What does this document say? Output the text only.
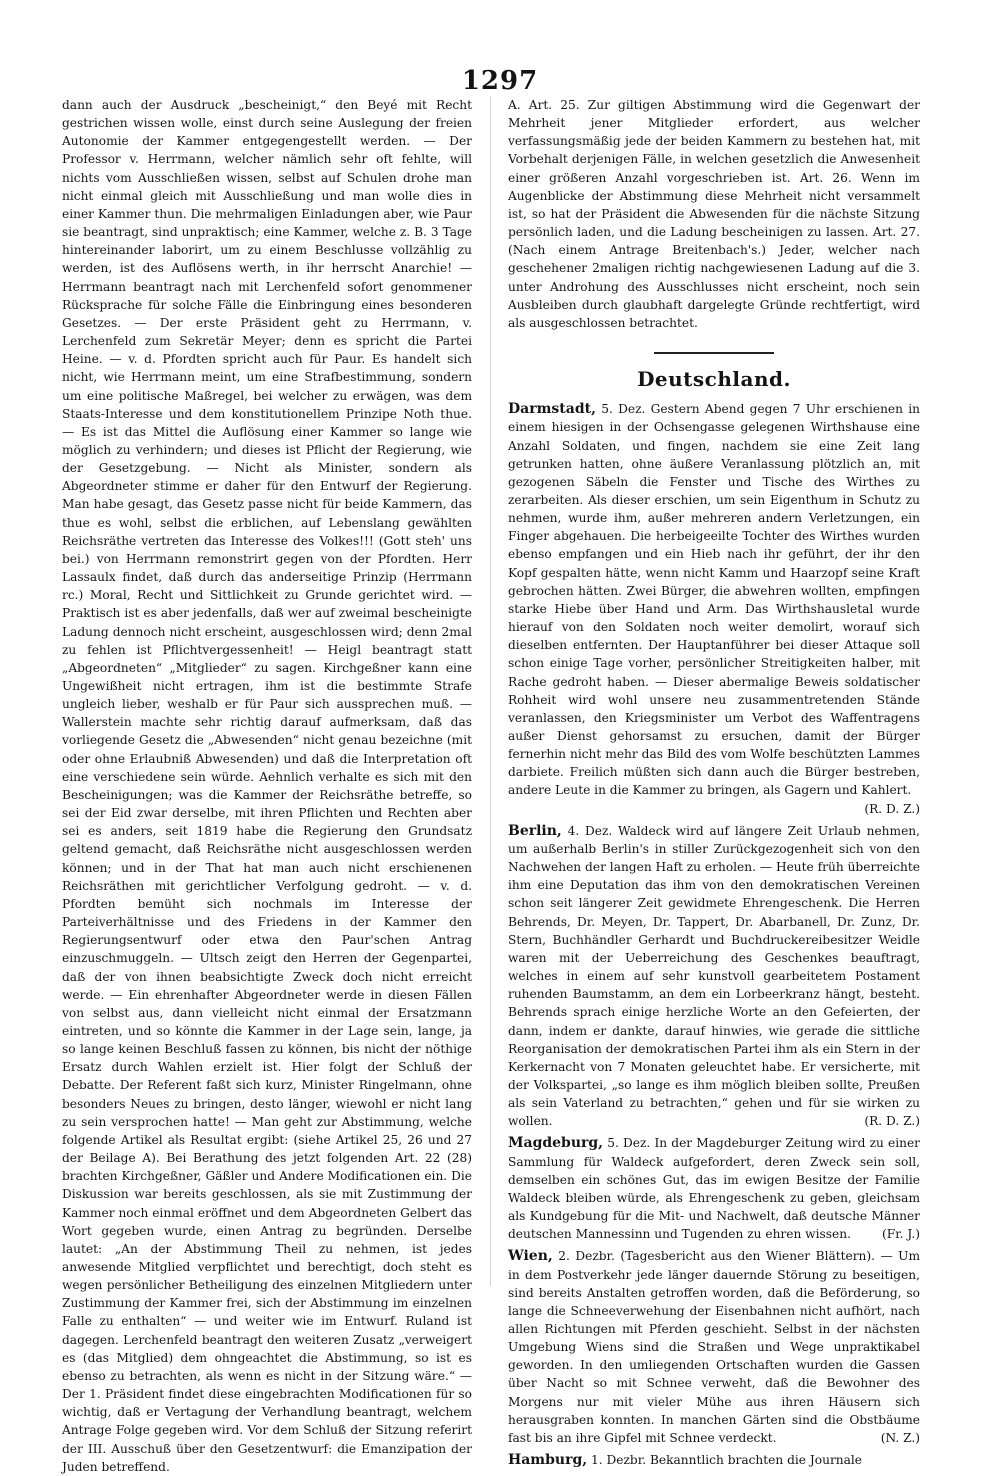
1297

dann auch der Ausdruck „bescheinigt,“ den Beyé mit Recht gestrichen wissen wolle, einst durch seine Auslegung der freien Autonomie der Kammer entgegengestellt werden. — Der Professor v. Herrmann, welcher nämlich sehr oft fehlte, will nichts vom Ausschließen wissen, selbst auf Schulen drohe man nicht einmal gleich mit Ausschließung und man wolle dies in einer Kammer thun. Die mehrmaligen Einladungen aber, wie Paur sie beantragt, sind unpraktisch; eine Kammer, welche z. B. 3 Tage hintereinander laborirt, um zu einem Beschlusse vollzählig zu werden, ist des Auflösens werth, in ihr herrscht Anarchie! — Herrmann beantragt nach mit Lerchenfeld sofort genommener Rücksprache für solche Fälle die Einbringung eines besonderen Gesetzes. — Der erste Präsident geht zu Herrmann, v. Lerchenfeld zum Sekretär Meyer; denn es spricht die Partei Heine. — v. d. Pfordten spricht auch für Paur. Es handelt sich nicht, wie Herrmann meint, um eine Strafbestimmung, sondern um eine politische Maßregel, bei welcher zu erwägen, was dem Staats-Interesse und dem konstitutionellem Prinzipe Noth thue. — Es ist das Mittel die Auflösung einer Kammer so lange wie möglich zu verhindern; und dieses ist Pflicht der Regierung, wie der Gesetzgebung. — Nicht als Minister, sondern als Abgeordneter stimme er daher für den Entwurf der Regierung. Man habe gesagt, das Gesetz passe nicht für beide Kammern, das thue es wohl, selbst die erblichen, auf Lebenslang gewählten Reichsräthe vertreten das Interesse des Volkes!!! (Gott steh' uns bei.) von Herrmann remonstrirt gegen von der Pfordten. Herr Lassaulx findet, daß durch das anderseitige Prinzip (Herrmann rc.) Moral, Recht und Sittlichkeit zu Grunde gerichtet wird. — Praktisch ist es aber jedenfalls, daß wer auf zweimal bescheinigte Ladung dennoch nicht erscheint, ausgeschlossen wird; denn 2mal zu fehlen ist Pflichtvergessenheit! — Heigl beantragt statt „Abgeordneten“ „Mitglieder“ zu sagen. Kirchgeßner kann eine Ungewißheit nicht ertragen, ihm ist die bestimmte Strafe ungleich lieber, weshalb er für Paur sich aussprechen muß. — Wallerstein machte sehr richtig darauf aufmerksam, daß das vorliegende Gesetz die „Abwesenden“ nicht genau bezeichne (mit oder ohne Erlaubniß Abwesenden) und daß die Interpretation oft eine verschiedene sein würde. Aehnlich verhalte es sich mit den Bescheinigungen; was die Kammer der Reichsräthe betreffe, so sei der Eid zwar derselbe, mit ihren Pflichten und Rechten aber sei es anders, seit 1819 habe die Regierung den Grundsatz geltend gemacht, daß Reichsräthe nicht ausgeschlossen werden können; und in der That hat man auch nicht erschienenen Reichsräthen mit gerichtlicher Verfolgung gedroht. — v. d. Pfordten bemüht sich nochmals im Interesse der Parteiverhältnisse und des Friedens in der Kammer den Regierungsentwurf oder etwa den Paur'schen Antrag einzuschmuggeln. — Ultsch zeigt den Herren der Gegenpartei, daß der von ihnen beabsichtigte Zweck doch nicht erreicht werde. — Ein ehrenhafter Abgeordneter werde in diesen Fällen von selbst aus, dann vielleicht nicht einmal der Ersatzmann eintreten, und so könnte die Kammer in der Lage sein, lange, ja so lange keinen Beschluß fassen zu können, bis nicht der nöthige Ersatz durch Wahlen erzielt ist. Hier folgt der Schluß der Debatte. Der Referent faßt sich kurz, Minister Ringelmann, ohne besonders Neues zu bringen, desto länger, wiewohl er nicht lang zu sein versprochen hatte! — Man geht zur Abstimmung, welche folgende Artikel als Resultat ergibt: (siehe Artikel 25, 26 und 27 der Beilage A). Bei Berathung des jetzt folgenden Art. 22 (28) brachten Kirchgeßner, Gäßler und Andere Modificationen ein. Die Diskussion war bereits geschlossen, als sie mit Zustimmung der Kammer noch einmal eröffnet und dem Abgeordneten Gelbert das Wort gegeben wurde, einen Antrag zu begründen. Derselbe lautet: „An der Abstimmung Theil zu nehmen, ist jedes anwesende Mitglied verpflichtet und berechtigt, doch steht es wegen persönlicher Betheiligung des einzelnen Mitgliedern unter Zustimmung der Kammer frei, sich der Abstimmung im einzelnen Falle zu enthalten“ — und weiter wie im Entwurf. Ruland ist dagegen. Lerchenfeld beantragt den weiteren Zusatz „verweigert es (das Mitglied) dem ohngeachtet die Abstimmung, so ist es ebenso zu betrachten, als wenn es nicht in der Sitzung wäre.“ — Der 1. Präsident findet diese eingebrachten Modificationen für so wichtig, daß er Vertagung der Verhandlung beantragt, welchem Antrage Folge gegeben wird. Vor dem Schluß der Sitzung referirt der III. Ausschuß über den Gesetzentwurf: die Emanzipation der Juden betreffend.

A. Art. 25. Zur giltigen Abstimmung wird die Gegenwart der Mehrheit jener Mitglieder erfordert, aus welcher verfassungsmäßig jede der beiden Kammern zu bestehen hat, mit Vorbehalt derjenigen Fälle, in welchen gesetzlich die Anwesenheit einer größeren Anzahl vorgeschrieben ist. Art. 26. Wenn im Augenblicke der Abstimmung diese Mehrheit nicht versammelt ist, so hat der Präsident die Abwesenden für die nächste Sitzung persönlich laden, und die Ladung bescheinigen zu lassen. Art. 27. (Nach einem Antrage Breitenbach's.) Jeder, welcher nach geschehener 2maligen richtig nachgewiesenen Ladung auf die 3. unter Androhung des Ausschlusses nicht erscheint, noch sein Ausbleiben durch glaubhaft dargelegte Gründe rechtfertigt, wird als ausgeschlossen betrachtet.

Deutschland.
Darmstadt, 5. Dez. Gestern Abend gegen 7 Uhr erschienen in einem hiesigen in der Ochsengasse gelegenen Wirthshause eine Anzahl Soldaten, und fingen, nachdem sie eine Zeit lang getrunken hatten, ohne äußere Veranlassung plötzlich an, mit gezogenen Säbeln die Fenster und Tische des Wirthes zu zerarbeiten. Als dieser erschien, um sein Eigenthum in Schutz zu nehmen, wurde ihm, außer mehreren andern Verletzungen, ein Finger abgehauen. Die herbeigeeilte Tochter des Wirthes wurden ebenso empfangen und ein Hieb nach ihr geführt, der ihr den Kopf gespalten hätte, wenn nicht Kamm und Haarzopf seine Kraft gebrochen hätten. Zwei Bürger, die abwehren wollten, empfingen starke Hiebe über Hand und Arm. Das Wirthshausletal wurde hierauf von den Soldaten noch weiter demolirt, worauf sich dieselben entfernten. Der Hauptanführer bei dieser Attaque soll schon einige Tage vorher, persönlicher Streitigkeiten halber, mit Rache gedroht haben. — Dieser abermalige Beweis soldatischer Rohheit wird wohl unsere neu zusammentretenden Stände veranlassen, den Kriegsminister um Verbot des Waffentragens außer Dienst gehorsamst zu ersuchen, damit der Bürger fernerhin nicht mehr das Bild des vom Wolfe beschützten Lammes darbiete. Freilich müßten sich dann auch die Bürger bestreben, andere Leute in die Kammer zu bringen, als Gagern und Kahlert.
(R. D. Z.)
Berlin, 4. Dez. Waldeck wird auf längere Zeit Urlaub nehmen, um außerhalb Berlin's in stiller Zurückgezogenheit sich von den Nachwehen der langen Haft zu erholen. — Heute früh überreichte ihm eine Deputation das ihm von den demokratischen Vereinen schon seit längerer Zeit gewidmete Ehrengeschenk. Die Herren Behrends, Dr. Meyen, Dr. Tappert, Dr. Abarbanell, Dr. Zunz, Dr. Stern, Buchhändler Gerhardt und Buchdruckereibesitzer Weidle waren mit der Ueberreichung des Geschenkes beauftragt, welches in einem auf sehr kunstvoll gearbeitetem Postament ruhenden Baumstamm, an dem ein Lorbeerkranz hängt, besteht. Behrends sprach einige herzliche Worte an den Gefeierten, der dann, indem er dankte, darauf hinwies, wie gerade die sittliche Reorganisation der demokratischen Partei ihm als ein Stern in der Kerkernacht von 7 Monaten geleuchtet habe. Er versicherte, mit der Volkspartei, „so lange es ihm möglich bleiben sollte, Preußen als sein Vaterland zu betrachten,“ gehen und für sie wirken zu wollen.	(R. D. Z.)
Magdeburg, 5. Dez. In der Magdeburger Zeitung wird zu einer Sammlung für Waldeck aufgefordert, deren Zweck sein soll, demselben ein schönes Gut, das im ewigen Besitze der Familie Waldeck bleiben würde, als Ehrengeschenk zu geben, gleichsam als Kundgebung für die Mit- und Nachwelt, daß deutsche Männer deutschen Mannessinn und Tugenden zu ehren wissen.	(Fr. J.)
Wien, 2. Dezbr. (Tagesbericht aus den Wiener Blättern). — Um in dem Postverkehr jede länger dauernde Störung zu beseitigen, sind bereits Anstalten getroffen worden, daß die Beförderung, so lange die Schneeverwehung der Eisenbahnen nicht aufhört, nach allen Richtungen mit Pferden geschieht. Selbst in der nächsten Umgebung Wiens sind die Straßen und Wege unpraktikabel geworden. In den umliegenden Ortschaften wurden die Gassen über Nacht so mit Schnee verweht, daß die Bewohner des Morgens nur mit vieler Mühe aus ihren Häusern sich herausgraben konnten. In manchen Gärten sind die Obstbäume fast bis an ihre Gipfel mit Schnee verdeckt.	(N. Z.)
Hamburg, 1. Dezbr. Bekanntlich brachten die Journale
